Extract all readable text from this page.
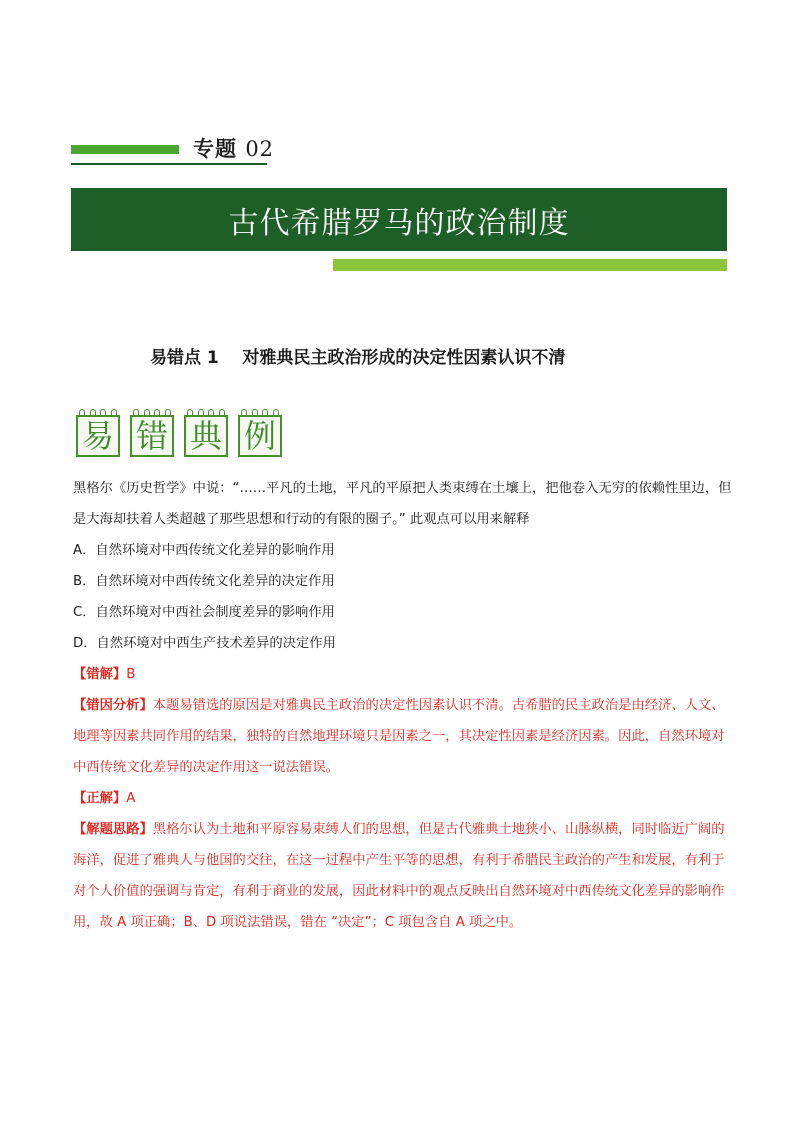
专题 02
古代希腊罗马的政治制度
易错点 1    对雅典民主政治形成的决定性因素认识不清
易 错 典 例

黑格尔《历史哲学》中说：“……平凡的土地，平凡的平原把人类束缚在土壤上，把他卷入无穷的依赖性里边，但是大海却扶着人类超越了那些思想和行动的有限的圈子。” 此观点可以用来解释

A．自然环境对中西传统文化差异的影响作用

B．自然环境对中西传统文化差异的决定作用

C．自然环境对中西社会制度差异的影响作用

D．自然环境对中西生产技术差异的决定作用

【错解】B

【错因分析】本题易错选的原因是对雅典民主政治的决定性因素认识不清。古希腊的民主政治是由经济、人文、地理等因素共同作用的结果，独特的自然地理环境只是因素之一，其决定性因素是经济因素。因此，自然环境对中西传统文化差异的决定作用这一说法错误。

【正解】A

【解题思路】黑格尔认为土地和平原容易束缚人们的思想，但是古代雅典土地狭小、山脉纵横，同时临近广阔的海洋，促进了雅典人与他国的交往，在这一过程中产生平等的思想，有利于希腊民主政治的产生和发展，有利于对个人价值的强调与肯定，有利于商业的发展，因此材料中的观点反映出自然环境对中西传统文化差异的影响作用，故 A 项正确；B、D 项说法错误，错在 “决定”；C 项包含自 A 项之中。
